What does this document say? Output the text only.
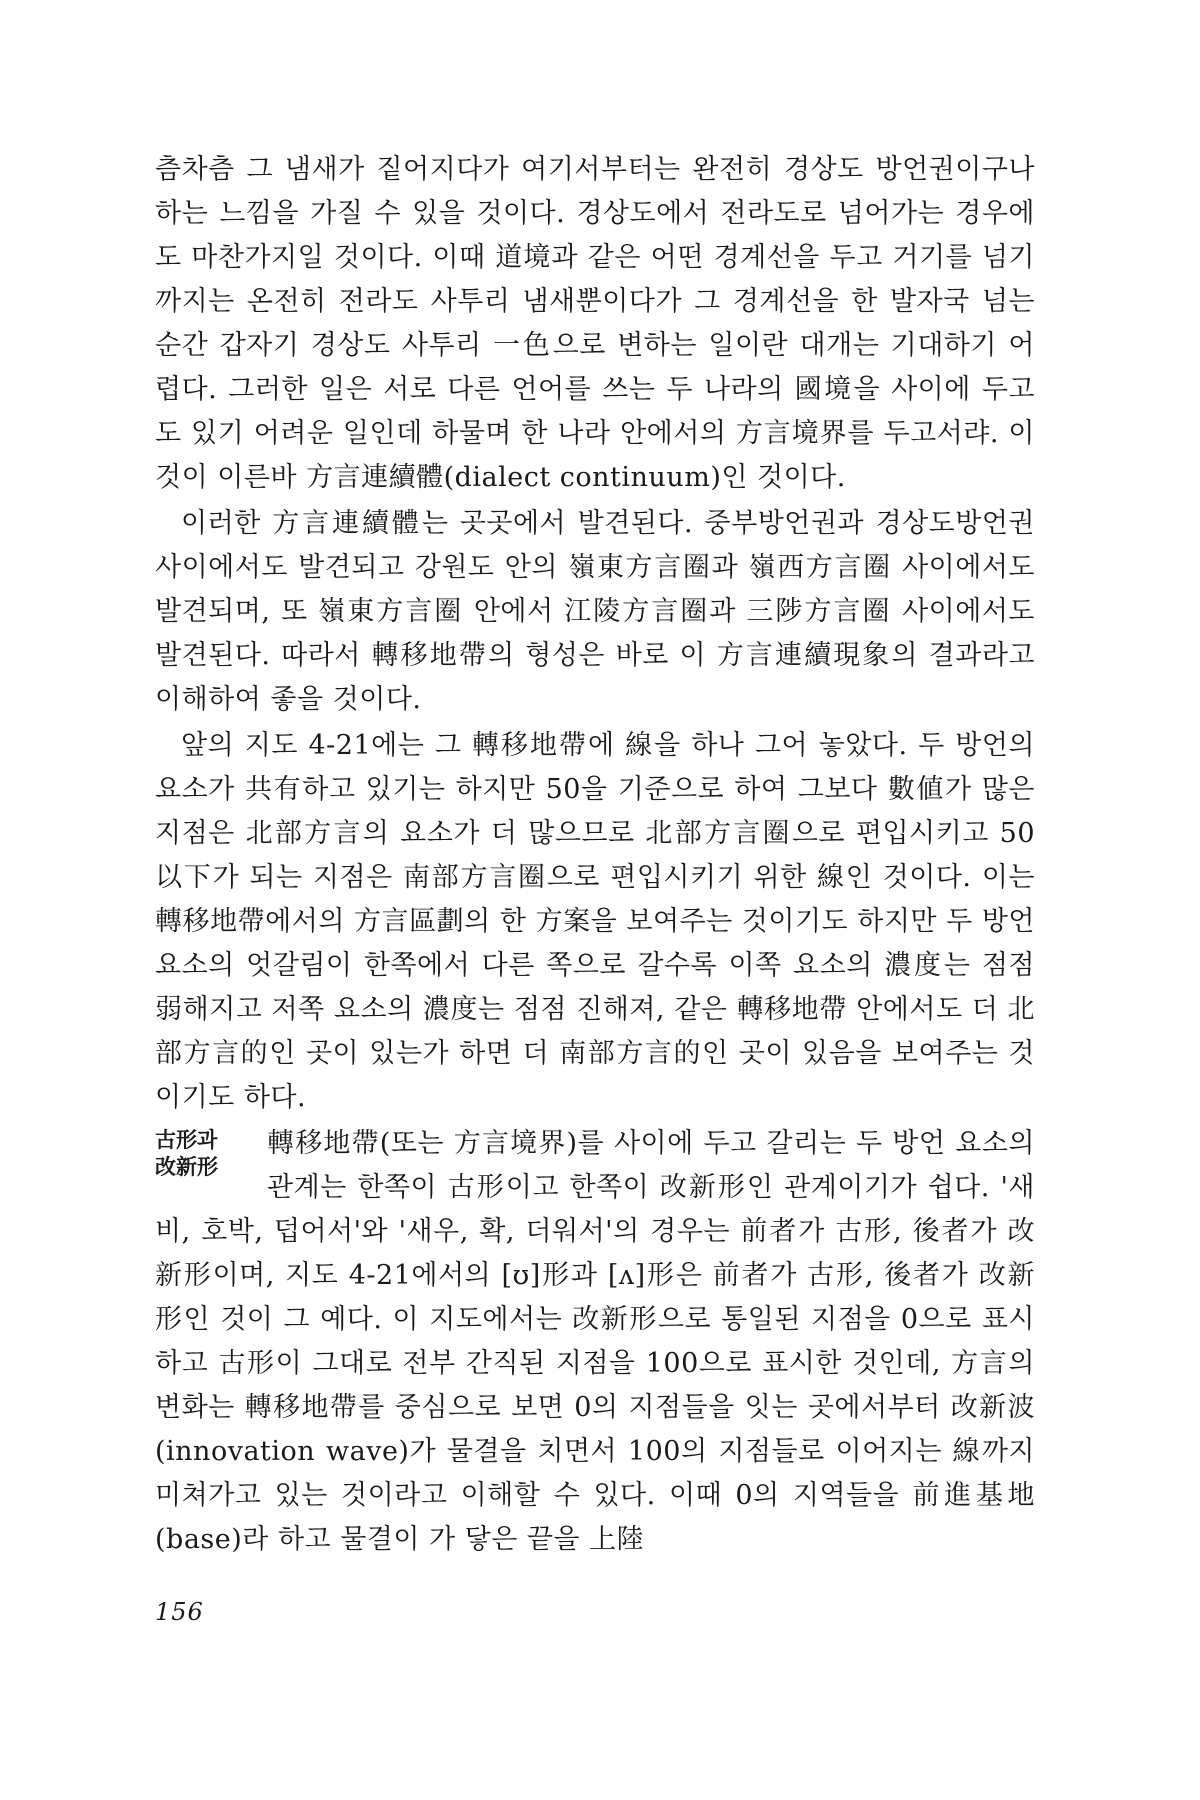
츰차츰 그 냄새가 짙어지다가 여기서부터는 완전히 경상도 방언권이구나 하는 느낌을 가질 수 있을 것이다. 경상도에서 전라도로 넘어가는 경우에도 마찬가지일 것이다. 이때 道境과 같은 어떤 경계선을 두고 거기를 넘기까지는 온전히 전라도 사투리 냄새뿐이다가 그 경계선을 한 발자국 넘는 순간 갑자기 경상도 사투리 一色으로 변하는 일이란 대개는 기대하기 어렵다. 그러한 일은 서로 다른 언어를 쓰는 두 나라의 國境을 사이에 두고도 있기 어려운 일인데 하물며 한 나라 안에서의 方言境界를 두고서랴. 이것이 이른바 方言連續體(dialect continuum)인 것이다.

이러한 方言連續體는 곳곳에서 발견된다. 중부방언권과 경상도방언권 사이에서도 발견되고 강원도 안의 嶺東方言圈과 嶺西方言圈 사이에서도 발견되며, 또 嶺東方言圈 안에서 江陵方言圈과 三陟方言圈 사이에서도 발견된다. 따라서 轉移地帶의 형성은 바로 이 方言連續現象의 결과라고 이해하여 좋을 것이다.

앞의 지도 4-21에는 그 轉移地帶에 線을 하나 그어 놓았다. 두 방언의 요소가 共有하고 있기는 하지만 50을 기준으로 하여 그보다 數値가 많은 지점은 北部方言의 요소가 더 많으므로 北部方言圈으로 편입시키고 50 以下가 되는 지점은 南部方言圈으로 편입시키기 위한 線인 것이다. 이는 轉移地帶에서의 方言區劃의 한 方案을 보여주는 것이기도 하지만 두 방언 요소의 엇갈림이 한쪽에서 다른 쪽으로 갈수록 이쪽 요소의 濃度는 점점 弱해지고 저쪽 요소의 濃度는 점점 진해져, 같은 轉移地帶 안에서도 더 北部方言的인 곳이 있는가 하면 더 南部方言的인 곳이 있음을 보여주는 것이기도 하다.

古形과
改新形
轉移地帶(또는 方言境界)를 사이에 두고 갈리는 두 방언 요소의 관계는 한쪽이 古形이고 한쪽이 改新形인 관계이기가 쉽다. '새비, 호박, 덥어서'와 '새우, 확, 더워서'의 경우는 前者가 古形, 後者가 改新形이며, 지도 4-21에서의 [ʊ]形과 [ʌ]形은 前者가 古形, 後者가 改新形인 것이 그 예다. 이 지도에서는 改新形으로 통일된 지점을 0으로 표시하고 古形이 그대로 전부 간직된 지점을 100으로 표시한 것인데, 方言의 변화는 轉移地帶를 중심으로 보면 0의 지점들을 잇는 곳에서부터 改新波(innovation wave)가 물결을 치면서 100의 지점들로 이어지는 線까지 미쳐가고 있는 것이라고 이해할 수 있다. 이때 0의 지역들을 前進基地(base)라 하고 물결이 가 닿은 끝을 上陸

156
